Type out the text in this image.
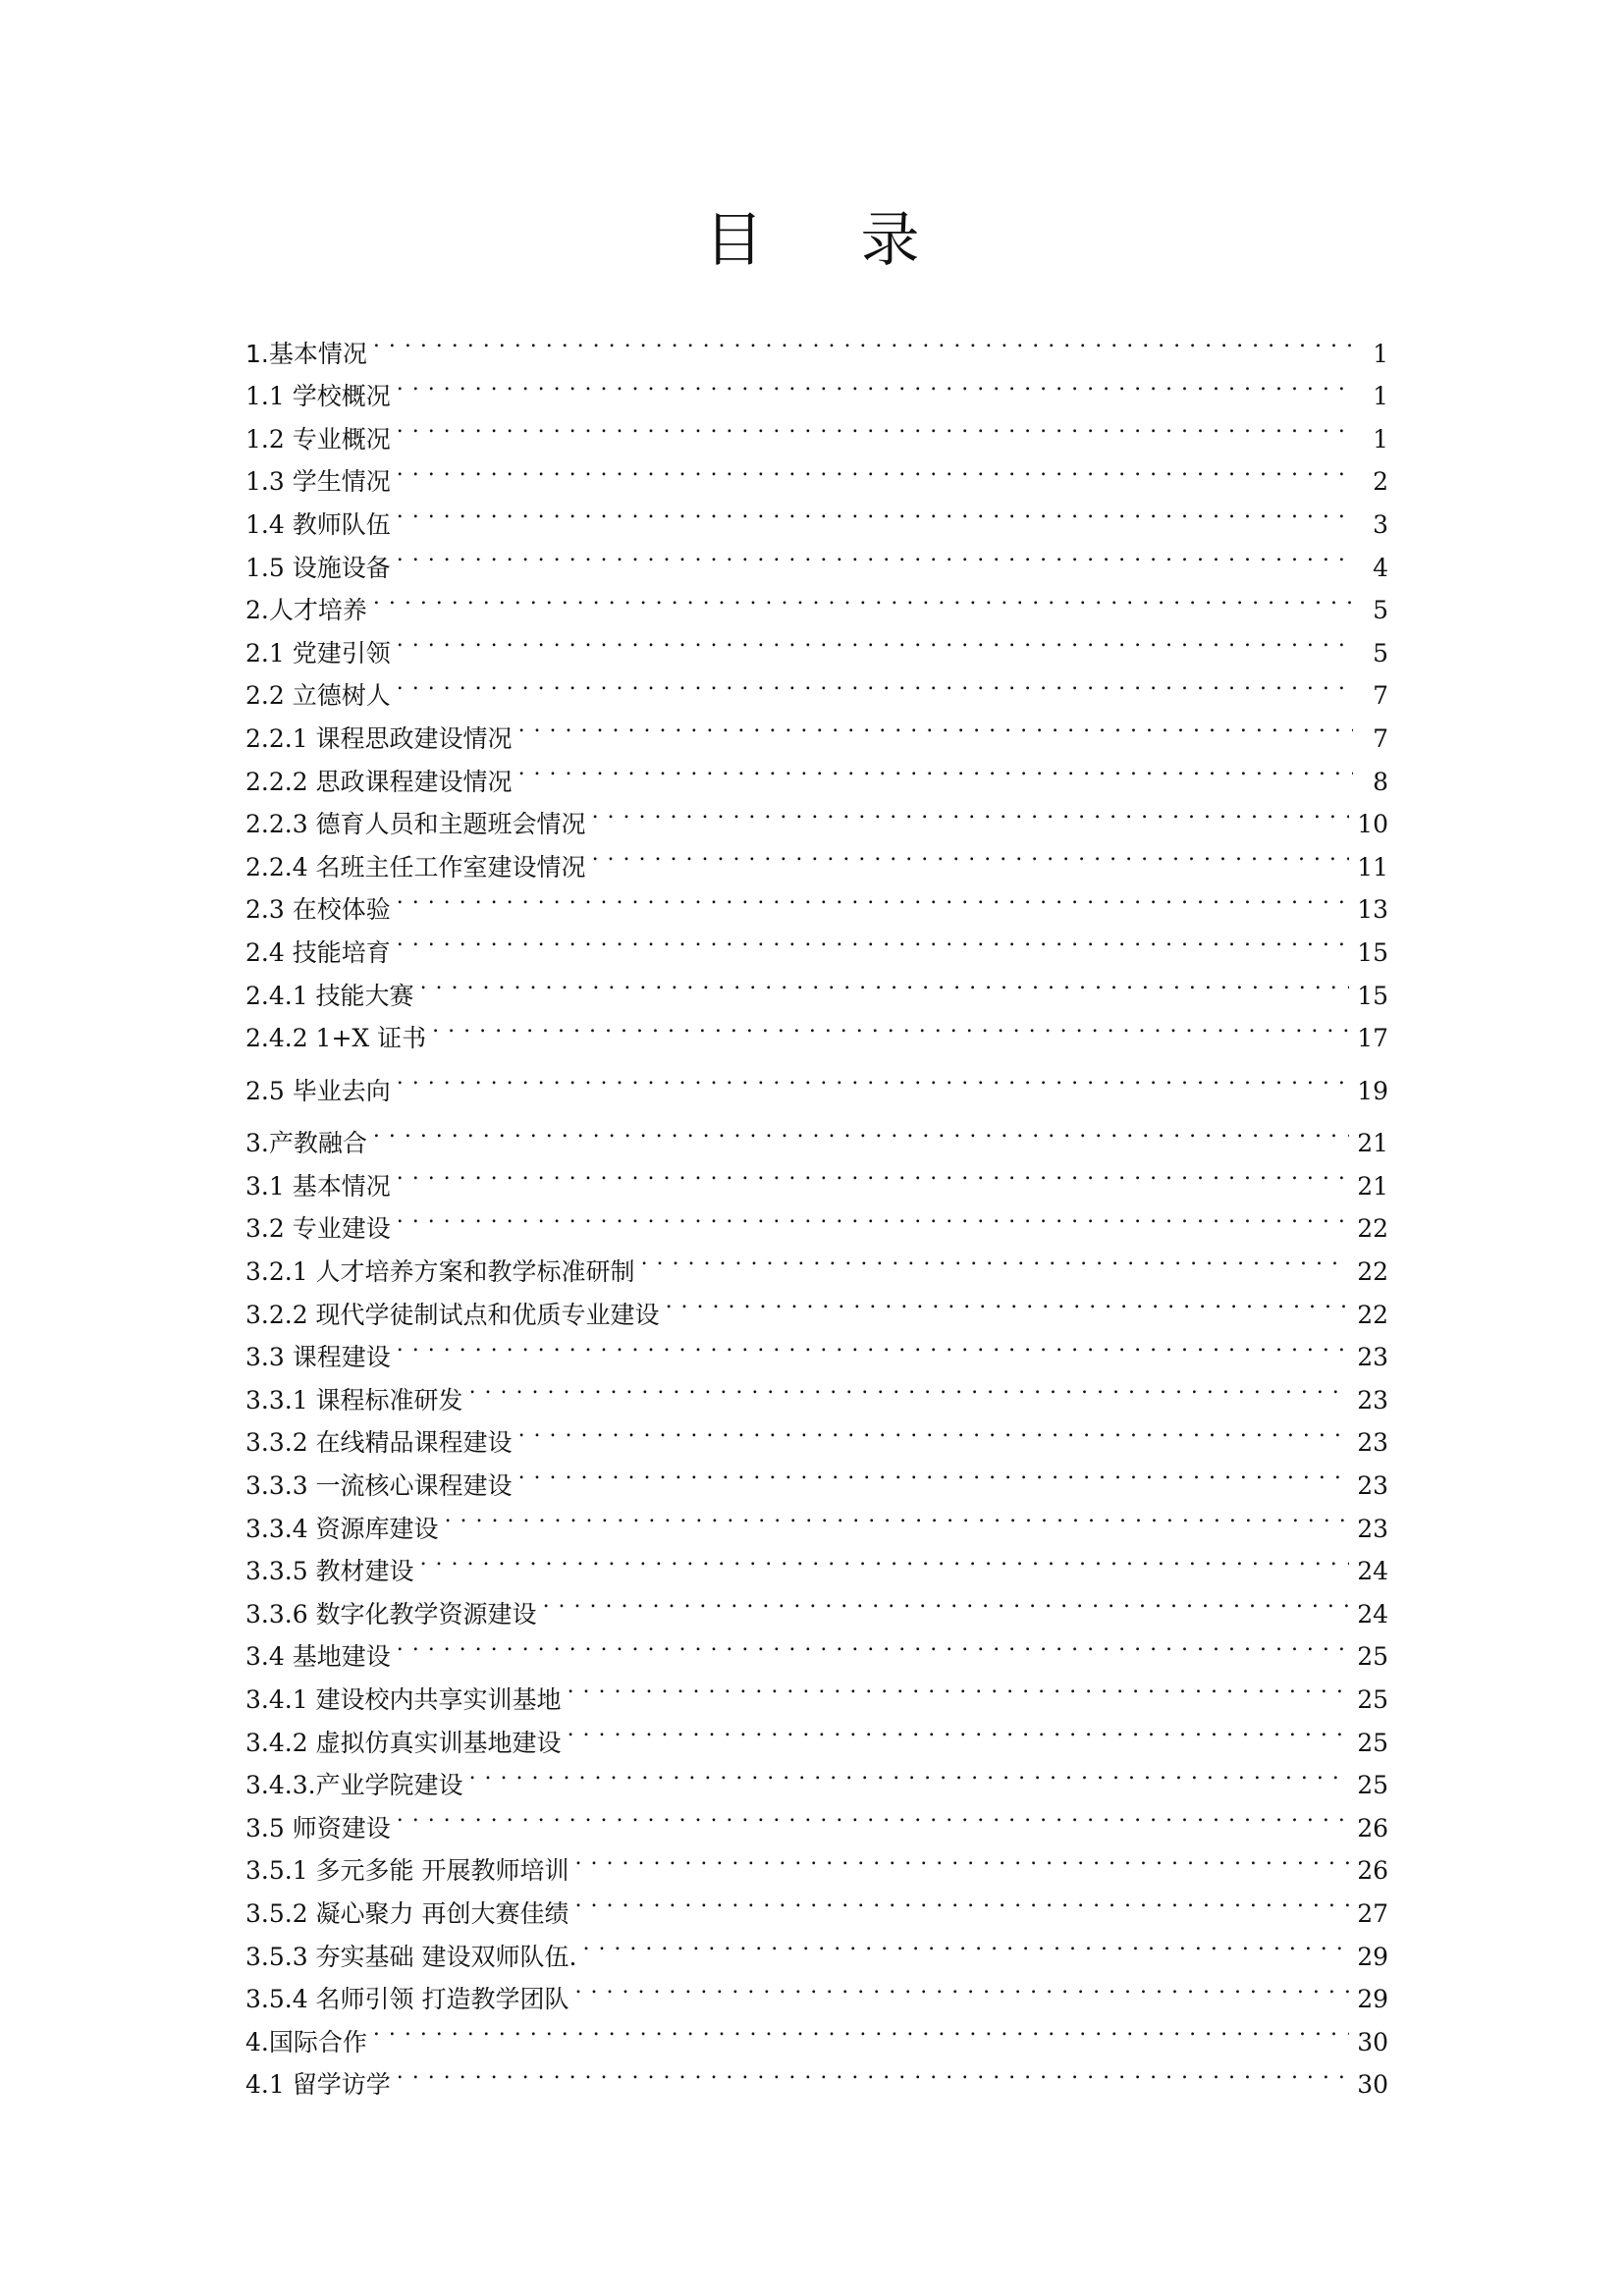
目 录
1.基本情况 . . .	1
1.1 学校概况 . . .	1
1.2 专业概况 . . .	1
1.3 学生情况 . . .	2
1.4 教师队伍 . . .	3
1.5 设施设备 . . .	4
2.人才培养 . . .	5
2.1 党建引领 . . .	5
2.2 立德树人 . . .	7
2.2.1 课程思政建设情况 . . .	7
2.2.2 思政课程建设情况 . . .	8
2.2.3 德育人员和主题班会情况 . . .	10
2.2.4 名班主任工作室建设情况 . . .	11
2.3 在校体验 . . .	13
2.4 技能培育 . . .	15
2.4.1 技能大赛 . . .	15
2.4.2 1+X 证书 . . .	17
2.5 毕业去向 . . .	19
3.产教融合 . . .	21
3.1 基本情况 . . .	21
3.2 专业建设 . . .	22
3.2.1 人才培养方案和教学标准研制 . . .	22
3.2.2 现代学徒制试点和优质专业建设 . . .	22
3.3 课程建设 . . .	23
3.3.1 课程标准研发 . . .	23
3.3.2 在线精品课程建设 . . .	23
3.3.3 一流核心课程建设 . . .	23
3.3.4 资源库建设 . . .	23
3.3.5 教材建设 . . .	24
3.3.6 数字化教学资源建设 . . .	24
3.4 基地建设 . . .	25
3.4.1 建设校内共享实训基地 . . .	25
3.4.2 虚拟仿真实训基地建设 . . .	25
3.4.3.产业学院建设 . . .	25
3.5 师资建设 . . .	26
3.5.1 多元多能 开展教师培训 . . .	26
3.5.2 凝心聚力 再创大赛佳绩 . . .	27
3.5.3 夯实基础 建设双师队伍. . . .	29
3.5.4 名师引领 打造教学团队 . . .	29
4.国际合作 . . .	30
4.1 留学访学 . . .	30
